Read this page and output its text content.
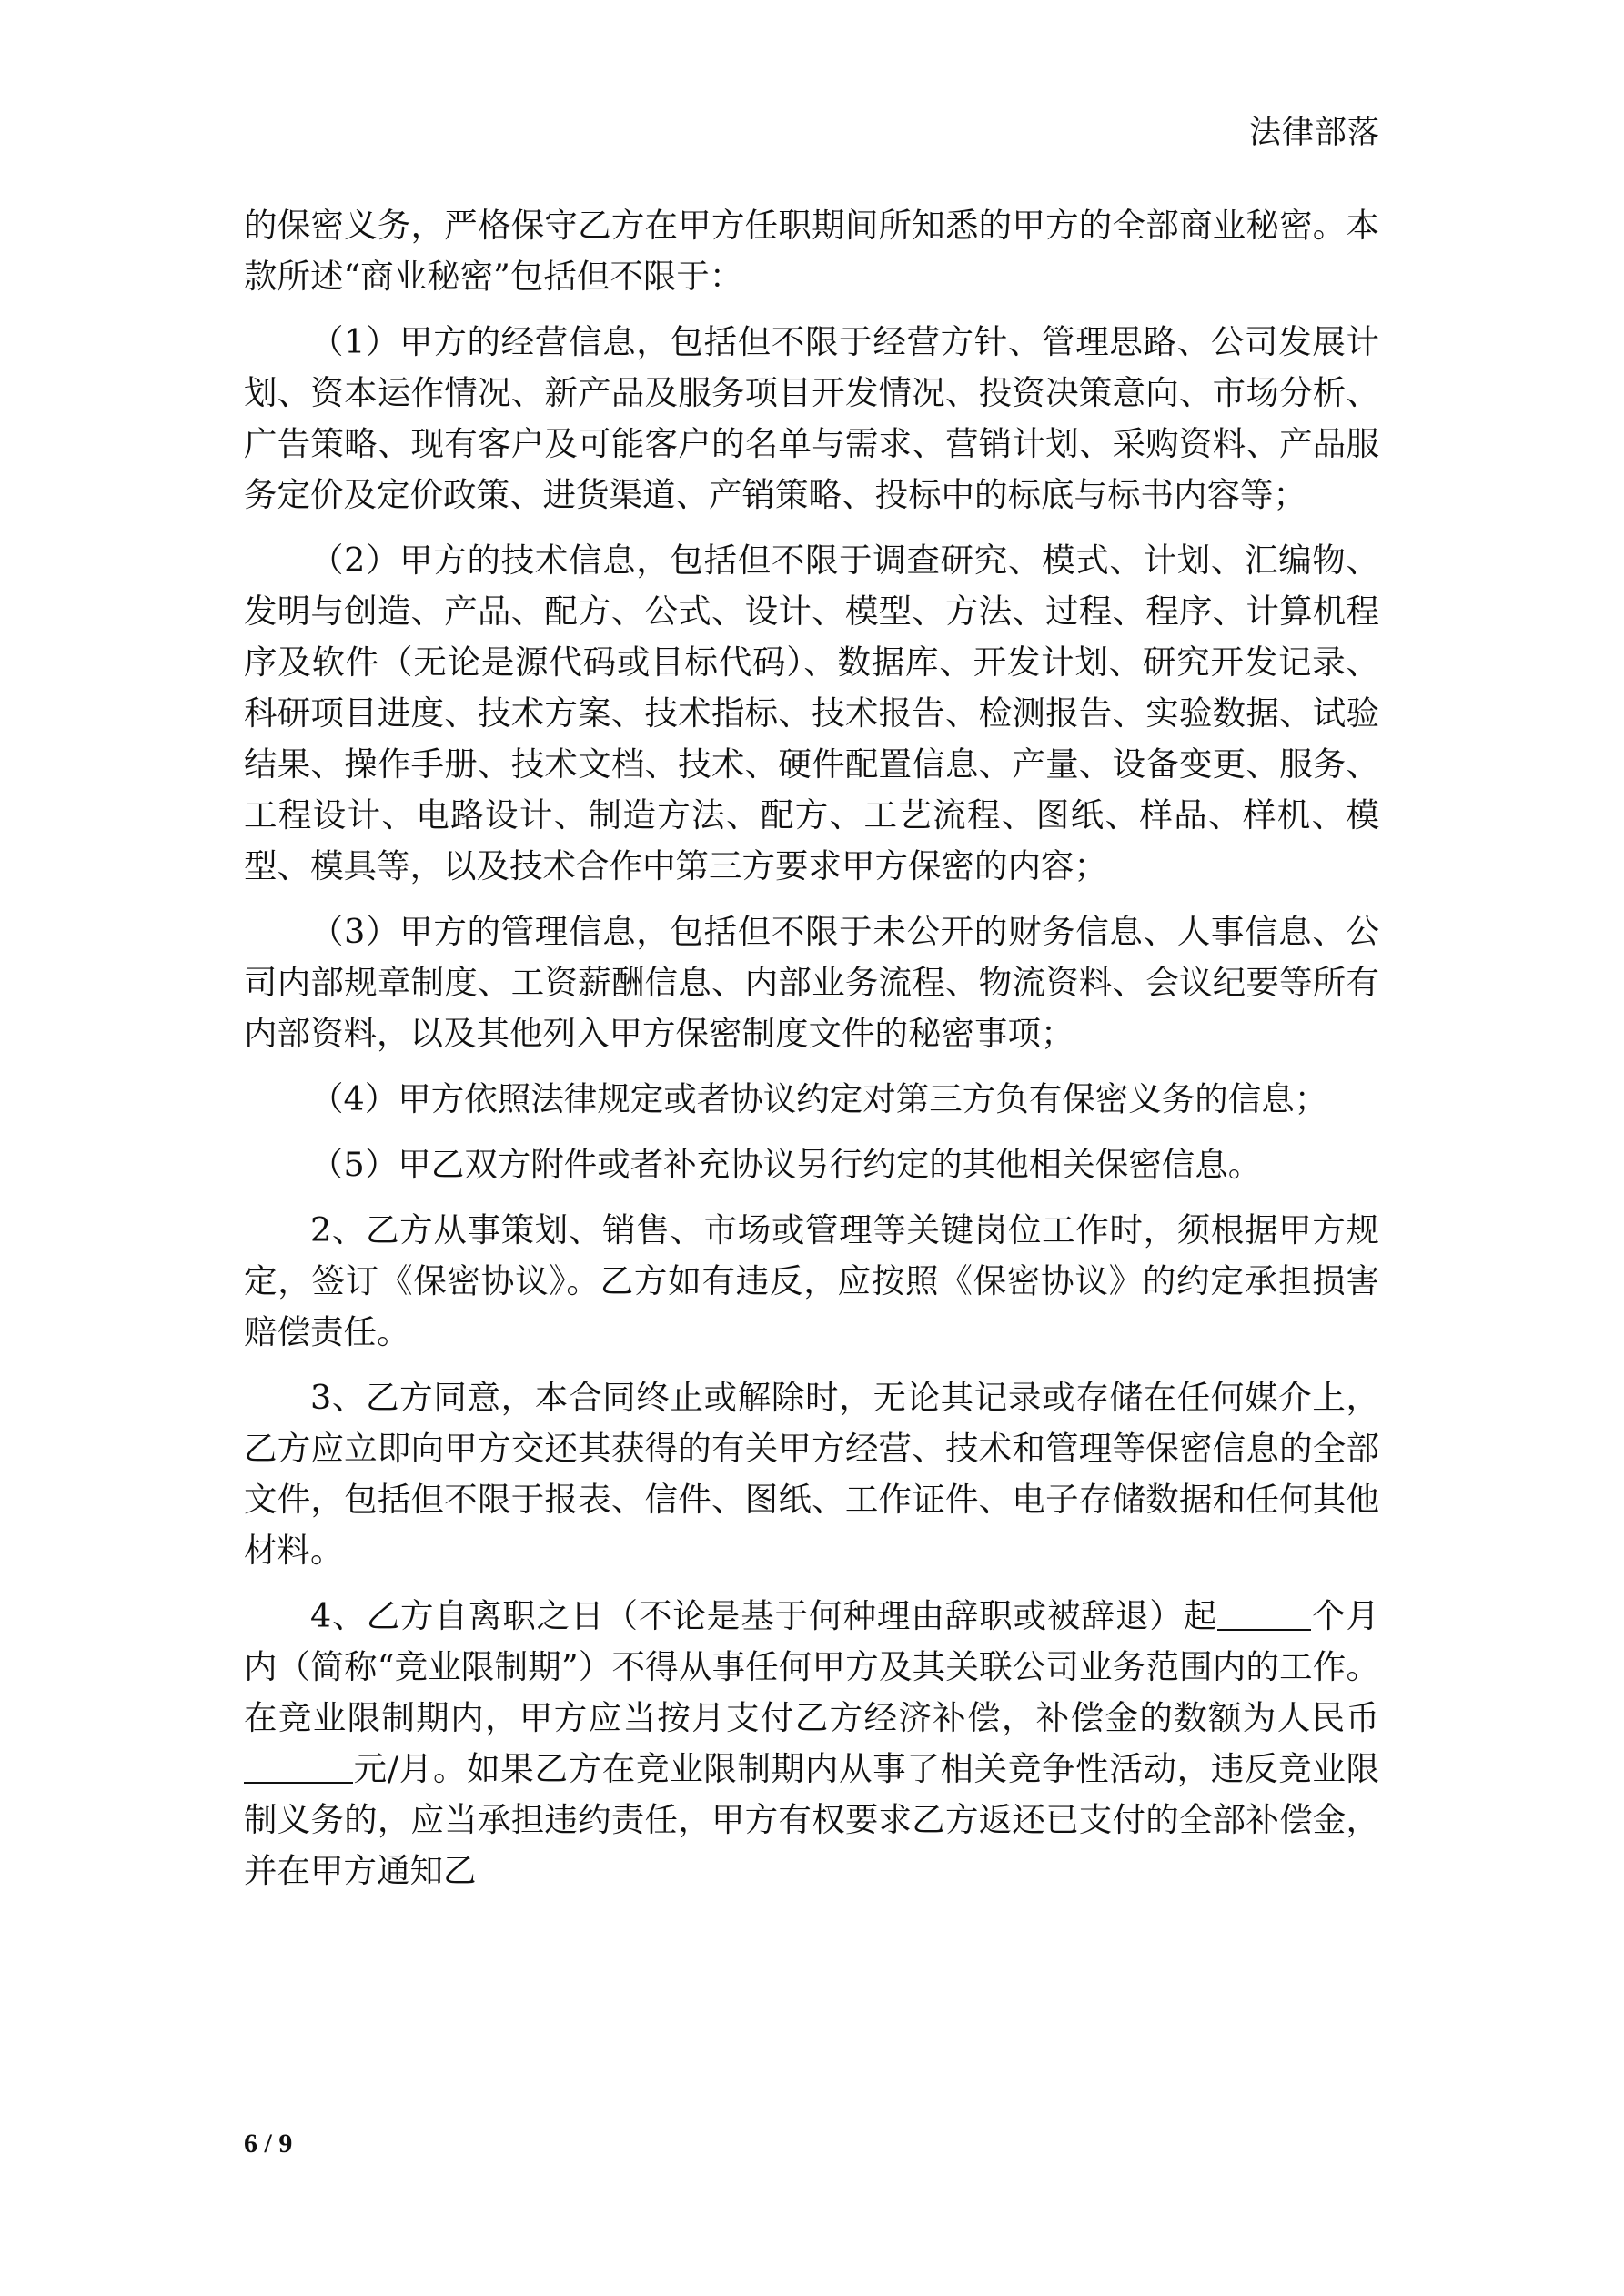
法律部落

的保密义务，严格保守乙方在甲方任职期间所知悉的甲方的全部商业秘密。本款所述“商业秘密”包括但不限于：

（1）甲方的经营信息，包括但不限于经营方针、管理思路、公司发展计划、资本运作情况、新产品及服务项目开发情况、投资决策意向、市场分析、广告策略、现有客户及可能客户的名单与需求、营销计划、采购资料、产品服务定价及定价政策、进货渠道、产销策略、投标中的标底与标书内容等；

（2）甲方的技术信息，包括但不限于调查研究、模式、计划、汇编物、发明与创造、产品、配方、公式、设计、模型、方法、过程、程序、计算机程序及软件（无论是源代码或目标代码）、数据库、开发计划、研究开发记录、科研项目进度、技术方案、技术指标、技术报告、检测报告、实验数据、试验结果、操作手册、技术文档、技术、硬件配置信息、产量、设备变更、服务、工程设计、电路设计、制造方法、配方、工艺流程、图纸、样品、样机、模型、模具等，以及技术合作中第三方要求甲方保密的内容；

（3）甲方的管理信息，包括但不限于未公开的财务信息、人事信息、公司内部规章制度、工资薪酬信息、内部业务流程、物流资料、会议纪要等所有内部资料，以及其他列入甲方保密制度文件的秘密事项；

（4）甲方依照法律规定或者协议约定对第三方负有保密义务的信息；

（5）甲乙双方附件或者补充协议另行约定的其他相关保密信息。

2、乙方从事策划、销售、市场或管理等关键岗位工作时，须根据甲方规定，签订《保密协议》。乙方如有违反，应按照《保密协议》的约定承担损害赔偿责任。

3、乙方同意，本合同终止或解除时，无论其记录或存储在任何媒介上，乙方应立即向甲方交还其获得的有关甲方经营、技术和管理等保密信息的全部文件，包括但不限于报表、信件、图纸、工作证件、电子存储数据和任何其他材料。

4、乙方自离职之日（不论是基于何种理由辞职或被辞退）起	个月内（简称“竞业限制期”）不得从事任何甲方及其关联公司业务范围内的工作。在竞业限制期内，甲方应当按月支付乙方经济补偿，补偿金的数额为人民币元/月。如果乙方在竞业限制期内从事了相关竞争性活动，违反竞业限制义务的，应当承担违约责任，甲方有权要求乙方返还已支付的全部补偿金，并在甲方通知乙

6 / 9
